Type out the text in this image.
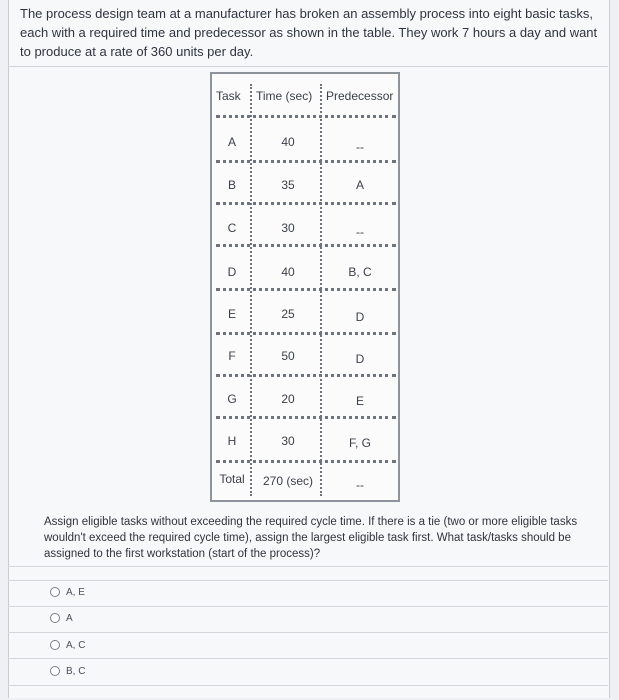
The process design team at a manufacturer has broken an assembly process into eight basic tasks, each with a required time and predecessor as shown in the table. They work 7 hours a day and want to produce at a rate of 360 units per day.
Task Time (sec) Predecessor
A	40	--
B	35	A
C	30	--
D	40	B, C
E	25	D
F	50	D
G	20	E
H	30	F, G
Total	270 (sec)	--
Assign eligible tasks without exceeding the required cycle time. If there is a tie (two or more eligible tasks wouldn't exceed the required cycle time), assign the largest eligible task first. What task/tasks should be assigned to the first workstation (start of the process)?
A, E
A
A, C
B, C
